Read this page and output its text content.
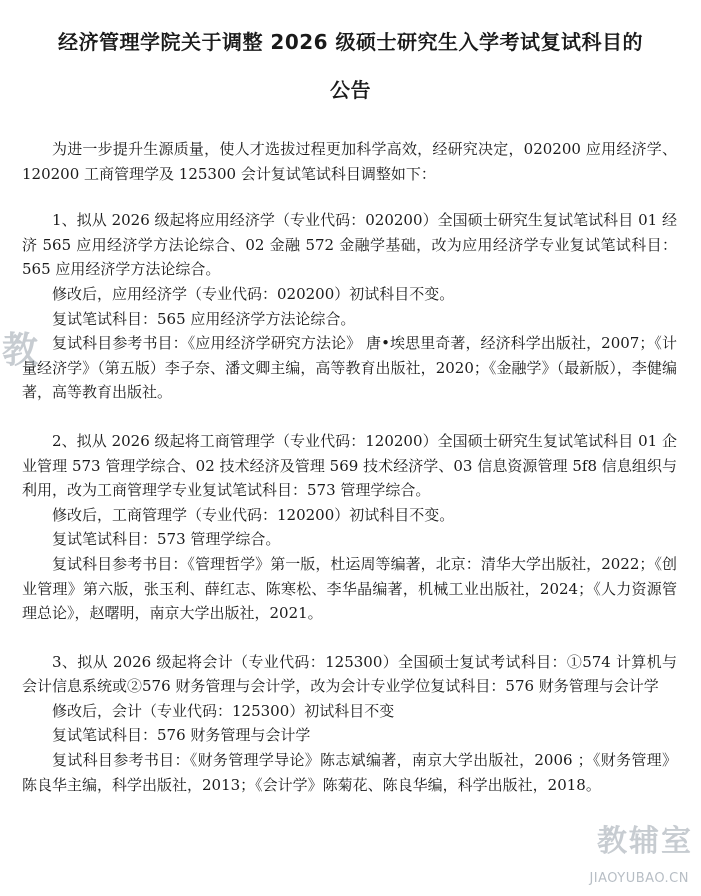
经济管理学院关于调整 2026 级硕士研究生入学考试复试科目的
公告

为进一步提升生源质量，使人才选拔过程更加科学高效，经研究决定，020200 应用经济学、120200 工商管理学及 125300 会计复试笔试科目调整如下：

1、拟从 2026 级起将应用经济学（专业代码：020200）全国硕士研究生复试笔试科目 01 经济 565 应用经济学方法论综合、02 金融 572 金融学基础，改为应用经济学专业复试笔试科目：565 应用经济学方法论综合。

修改后，应用经济学（专业代码：020200）初试科目不变。

复试笔试科目：565 应用经济学方法论综合。

复试科目参考书目：《应用经济学研究方法论》 唐•埃思里奇著，经济科学出版社，2007；《计量经济学》（第五版）李子奈、潘文卿主编，高等教育出版社，2020；《金融学》（最新版），李健编著，高等教育出版社。

2、拟从 2026 级起将工商管理学（专业代码：120200）全国硕士研究生复试笔试科目 01 企业管理 573 管理学综合、02 技术经济及管理 569 技术经济学、03 信息资源管理 5f8 信息组织与利用，改为工商管理学专业复试笔试科目：573 管理学综合。

修改后，工商管理学（专业代码：120200）初试科目不变。

复试笔试科目：573 管理学综合。

复试科目参考书目：《管理哲学》第一版，杜运周等编著，北京：清华大学出版社，2022；《创业管理》第六版，张玉利、薛红志、陈寒松、李华晶编著，机械工业出版社，2024；《人力资源管理总论》，赵曙明，南京大学出版社，2021。

3、拟从 2026 级起将会计（专业代码：125300）全国硕士复试考试科目：①574 计算机与会计信息系统或②576 财务管理与会计学，改为会计专业学位复试科目：576 财务管理与会计学

修改后，会计（专业代码：125300）初试科目不变

复试笔试科目：576 财务管理与会计学

复试科目参考书目：《财务管理学导论》陈志斌编著，南京大学出版社，2006 ；《财务管理》陈良华主编，科学出版社，2013；《会计学》陈菊花、陈良华编，科学出版社，2018。

教
教辅室
JIAOYUBAO.CN
